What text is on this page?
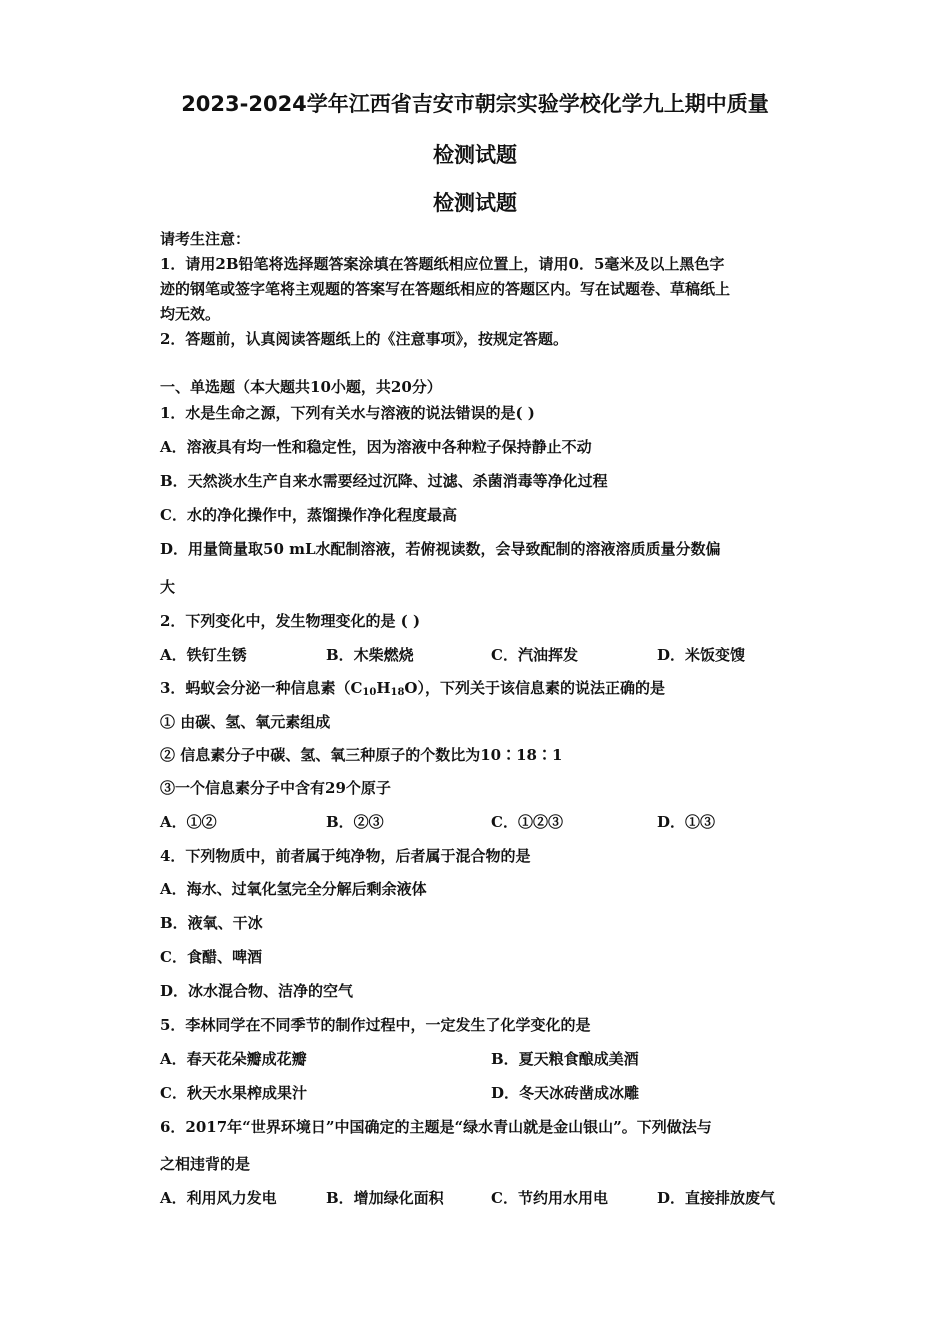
2023-2024学年江西省吉安市朝宗实验学校化学九上期中质量
检测试题
检测试题
请考生注意：
1．请用2B铅笔将选择题答案涂填在答题纸相应位置上，请用0．5毫米及以上黑色字
迹的钢笔或签字笔将主观题的答案写在答题纸相应的答题区内。写在试题卷、草稿纸上
均无效。
2．答题前，认真阅读答题纸上的《注意事项》，按规定答题。
一、单选题（本大题共10小题，共20分）
1．水是生命之源，下列有关水与溶液的说法错误的是( )
A．溶液具有均一性和稳定性，因为溶液中各种粒子保持静止不动
B．天然淡水生产自来水需要经过沉降、过滤、杀菌消毒等净化过程
C．水的净化操作中，蒸馏操作净化程度最高
D．用量筒量取50 mL水配制溶液，若俯视读数，会导致配制的溶液溶质质量分数偏
大
2．下列变化中，发生物理变化的是 ( )
A．铁钉生锈	B．木柴燃烧	C．汽油挥发	D．米饭变馊
3．蚂蚁会分泌一种信息素$(C_{10}H_{18}O)$，下列关于该信息素的说法正确的是
① 由碳、氢、氧元素组成
② 信息素分子中碳、氢、氧三种原子的个数比为10∶18∶1
③一个信息素分子中含有29个原子
A．①②	B．②③	C．①②③	D．①③
4．下列物质中，前者属于纯净物，后者属于混合物的是
A．海水、过氧化氢完全分解后剩余液体
B．液氧、干冰
C．食醋、啤酒
D．冰水混合物、洁净的空气
5．李林同学在不同季节的制作过程中，一定发生了化学变化的是
A．春天花朵瓣成花瓣	B．夏天粮食酿成美酒
C．秋天水果榨成果汁	D．冬天冰砖凿成冰雕
6．2017年“世界环境日”中国确定的主题是“绿水青山就是金山银山”。下列做法与
之相违背的是
A．利用风力发电	B．增加绿化面积	C．节约用水用电	D．直接排放废气
